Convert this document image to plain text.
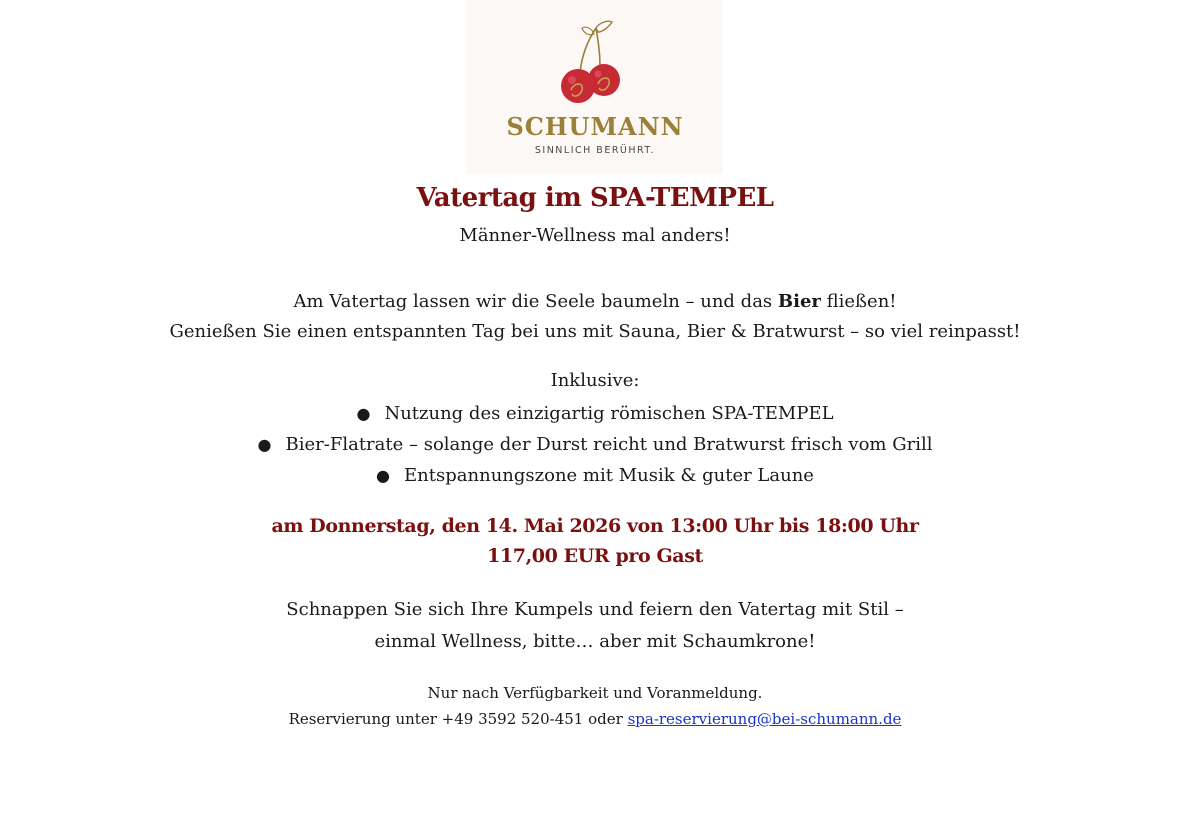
SCHUMANN
SINNLICH BERÜHRT.
Vatertag im SPA-TEMPEL
Männer-Wellness mal anders!
Am Vatertag lassen wir die Seele baumeln – und das Bier fließen!
Genießen Sie einen entspannten Tag bei uns mit Sauna, Bier & Bratwurst – so viel reinpasst!
Inklusive:
● Nutzung des einzigartig römischen SPA-TEMPEL
● Bier-Flatrate – solange der Durst reicht und Bratwurst frisch vom Grill
● Entspannungszone mit Musik & guter Laune
am Donnerstag, den 14. Mai 2026 von 13:00 Uhr bis 18:00 Uhr
117,00 EUR pro Gast
Schnappen Sie sich Ihre Kumpels und feiern den Vatertag mit Stil –
einmal Wellness, bitte… aber mit Schaumkrone!
Nur nach Verfügbarkeit und Voranmeldung.
Reservierung unter +49 3592 520-451 oder spa-reservierung@bei-schumann.de
